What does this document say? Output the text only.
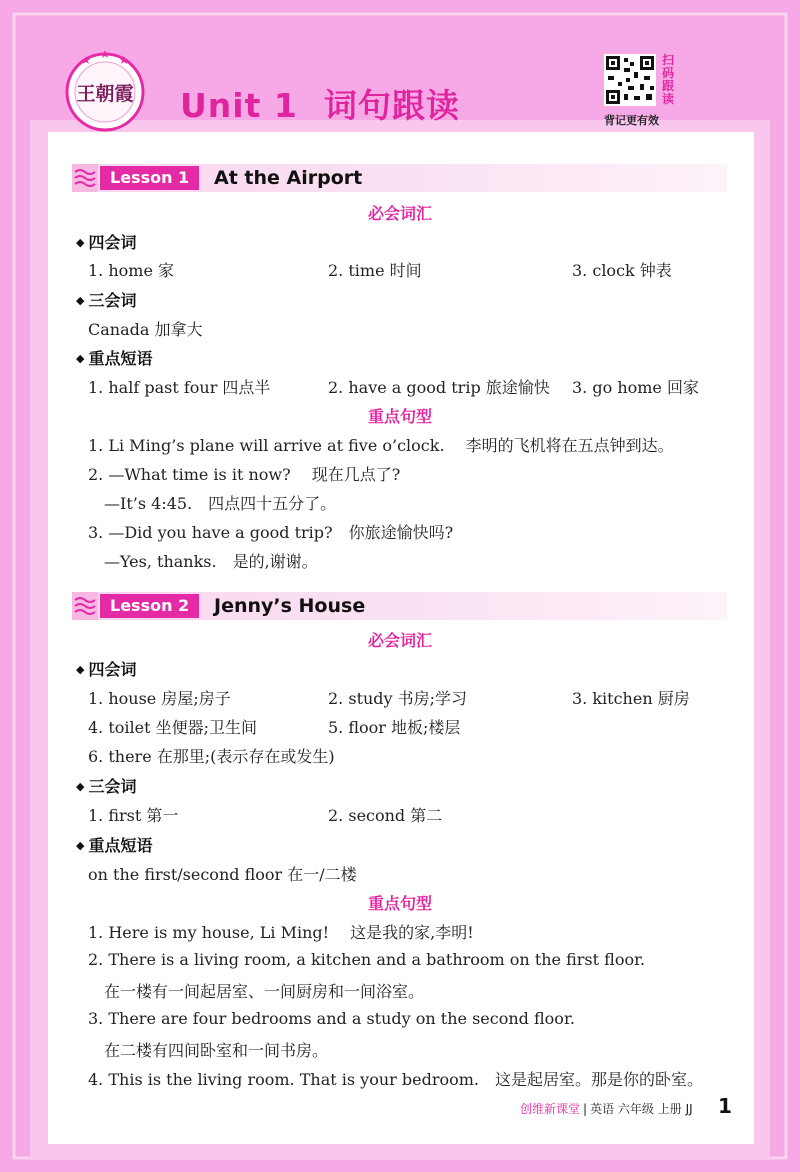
王朝霞 Unit 1 词句跟读
扫码跟读
背记更有效
Lesson 1	At the Airport
必会词汇
◆ 四会词
1. home 家	2. time 时间	3. clock 钟表
◆ 三会词
Canada 加拿大
◆ 重点短语
1. half past four 四点半	2. have a good trip 旅途愉快 3. go home 回家
重点句型
1. Li Ming’s plane will arrive at five o’clock.　 李明的飞机将在五点钟到达。
2. —What time is it now?　 现在几点了?
—It’s 4:45.　四点四十五分了。
3. —Did you have a good trip?　你旅途愉快吗?
—Yes, thanks.　是的,谢谢。
Lesson 2	Jenny’s House
必会词汇
◆ 四会词
1. house 房屋;房子	2. study 书房;学习	3. kitchen 厨房
4. toilet 坐便器;卫生间	5. floor 地板;楼层
6. there 在那里;(表示存在或发生)
◆ 三会词
1. first 第一	2. second 第二
◆ 重点短语
on the first/second floor 在一/二楼
重点句型
1. Here is my house, Li Ming!　 这是我的家,李明!
2. There is a living room, a kitchen and a bathroom on the first floor.
在一楼有一间起居室、一间厨房和一间浴室。
3. There are four bedrooms and a study on the second floor.
在二楼有四间卧室和一间书房。
4. This is the living room. That is your bedroom.　这是起居室。那是你的卧室。
创维新课堂 | 英语 六年级 上册 JJ 1
